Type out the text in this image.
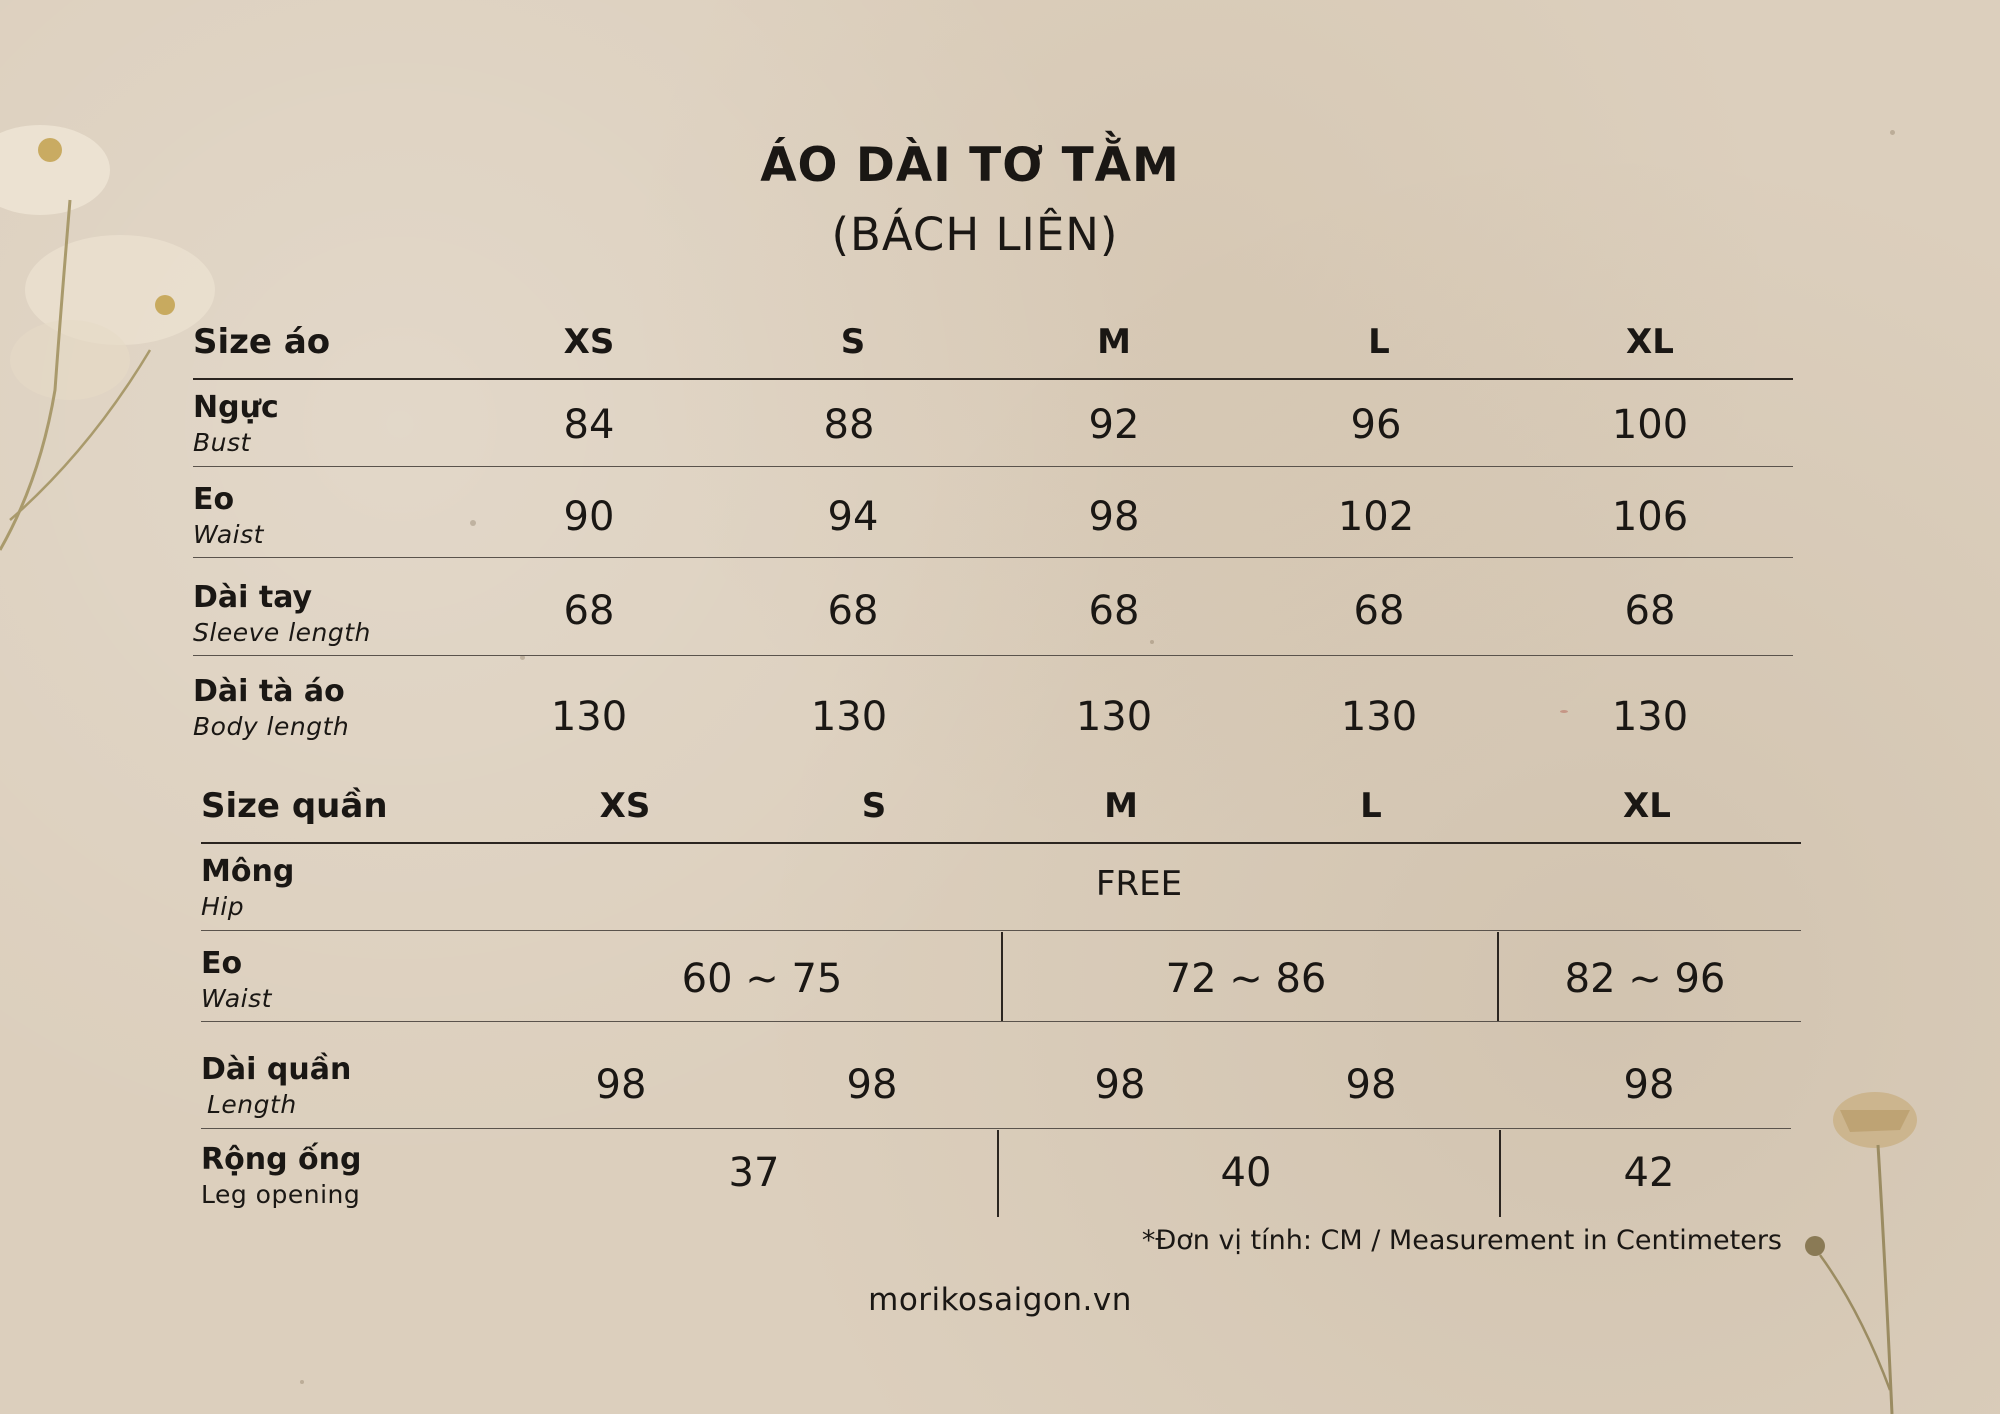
ÁO DÀI TƠ TẰM
(BÁCH LIÊN)
Size áo	XS	S	M	L	XL
Ngực
Bust	84	88	92	96	100
Eo
Waist	90	94	98	102	106
Dài tay
Sleeve length	68	68	68	68	68
Dài tà áo
Body length	130	130	130	130	130
Size quần	XS	S	M	L	XL
Mông
Hip
FREE
Eo
Waist	60 ~ 75	72 ~ 86	82 ~ 96
Dài quần
Length	98	98	98	98	98
Rộng ống
Leg opening	37	40	42
*Đơn vị tính: CM / Measurement in Centimeters
morikosaigon.vn
